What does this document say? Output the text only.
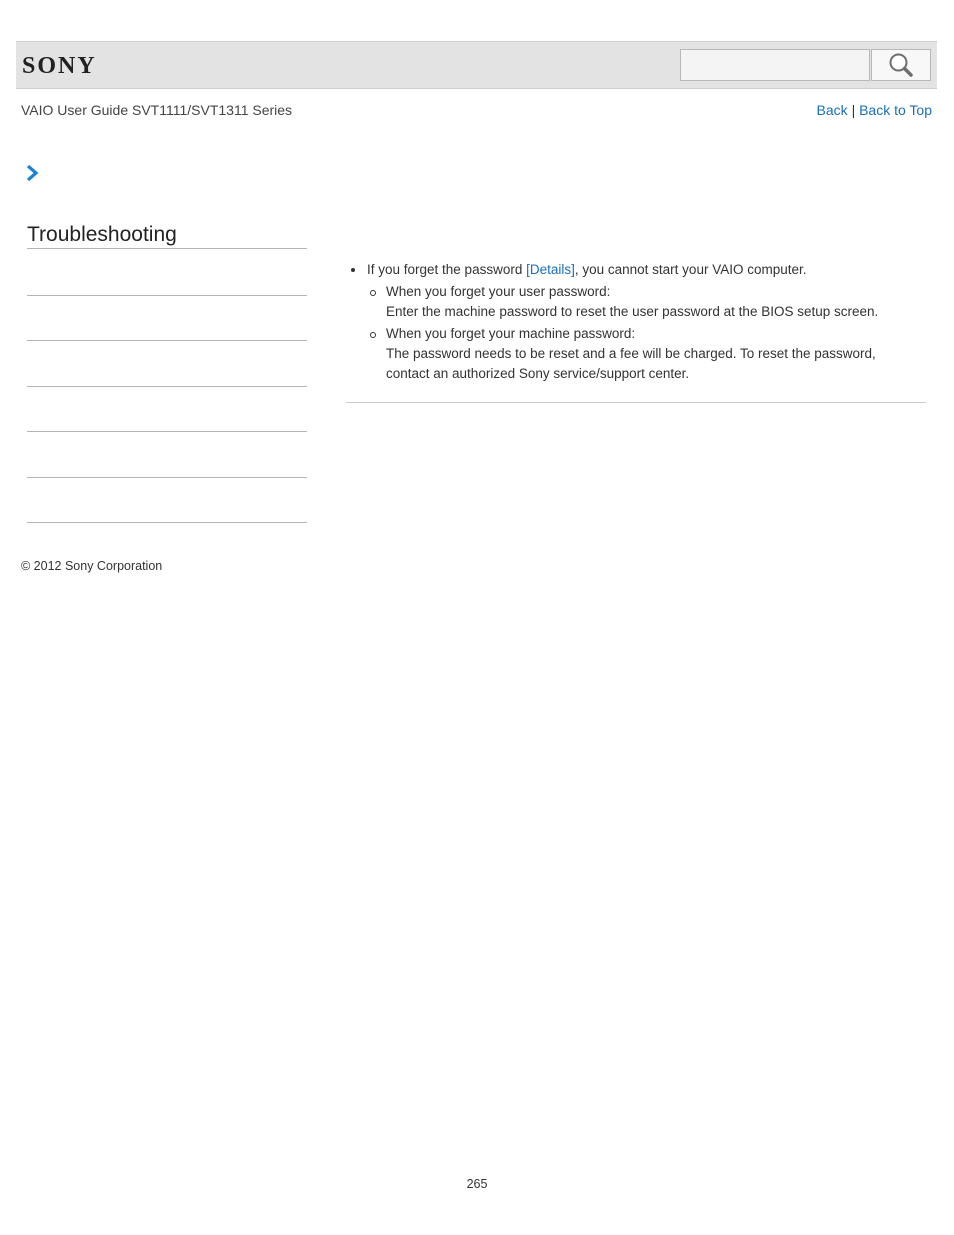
SONY
VAIO User Guide SVT1111/SVT1311 Series	Back | Back to Top
Troubleshooting
If you forget the password [Details], you cannot start your VAIO computer.
When you forget your user password:
Enter the machine password to reset the user password at the BIOS setup screen.
When you forget your machine password:
The password needs to be reset and a fee will be charged. To reset the password, contact an authorized Sony service/support center.
© 2012 Sony Corporation
265
